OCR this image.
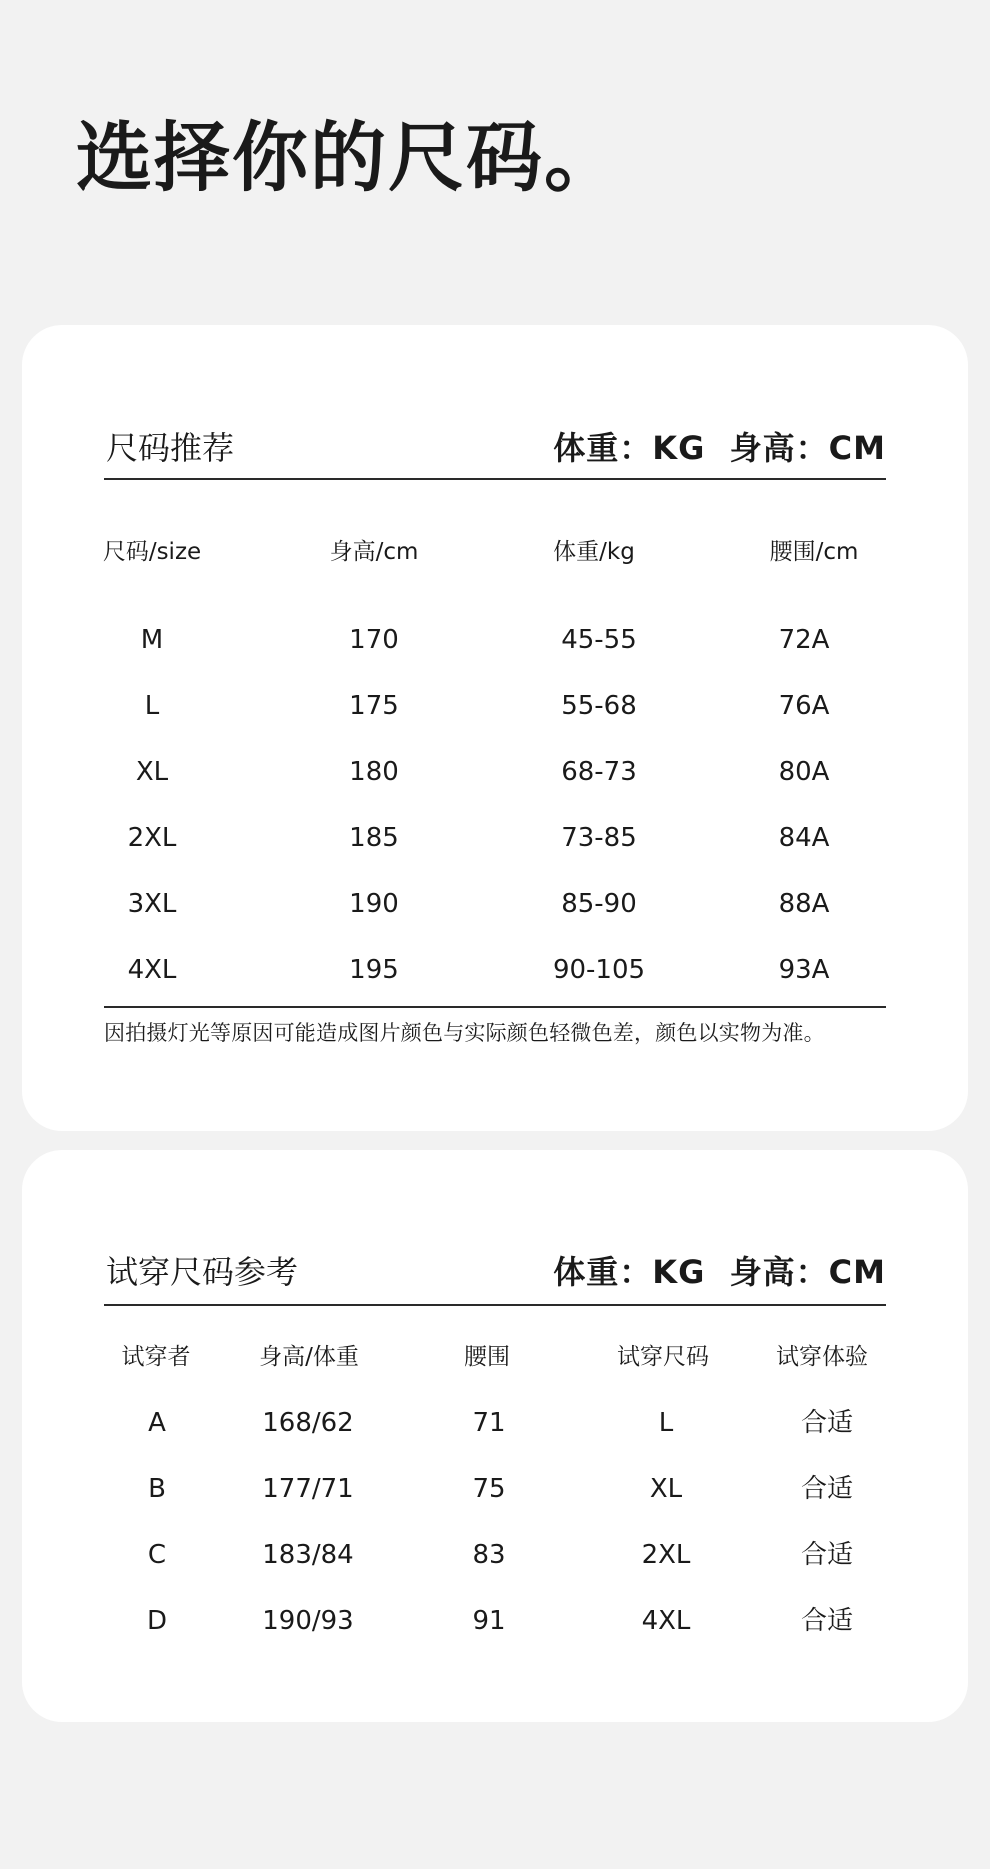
选择你的尺码。
尺码推荐	体重：KG 身高：CM
尺码/size	身高/cm	体重/kg	腰围/cm
M	170	45-55	72A
L	175	55-68	76A
XL	180	68-73	80A
2XL	185	73-85	84A
3XL	190	85-90	88A
4XL	195	90-105	93A
因拍摄灯光等原因可能造成图片颜色与实际颜色轻微色差，颜色以实物为准。
试穿尺码参考	体重：KG 身高：CM
试穿者	身高/体重	腰围	试穿尺码	试穿体验
A	168/62	71	L	合适
B	177/71	75	XL	合适
C	183/84	83	2XL	合适
D	190/93	91	4XL	合适
